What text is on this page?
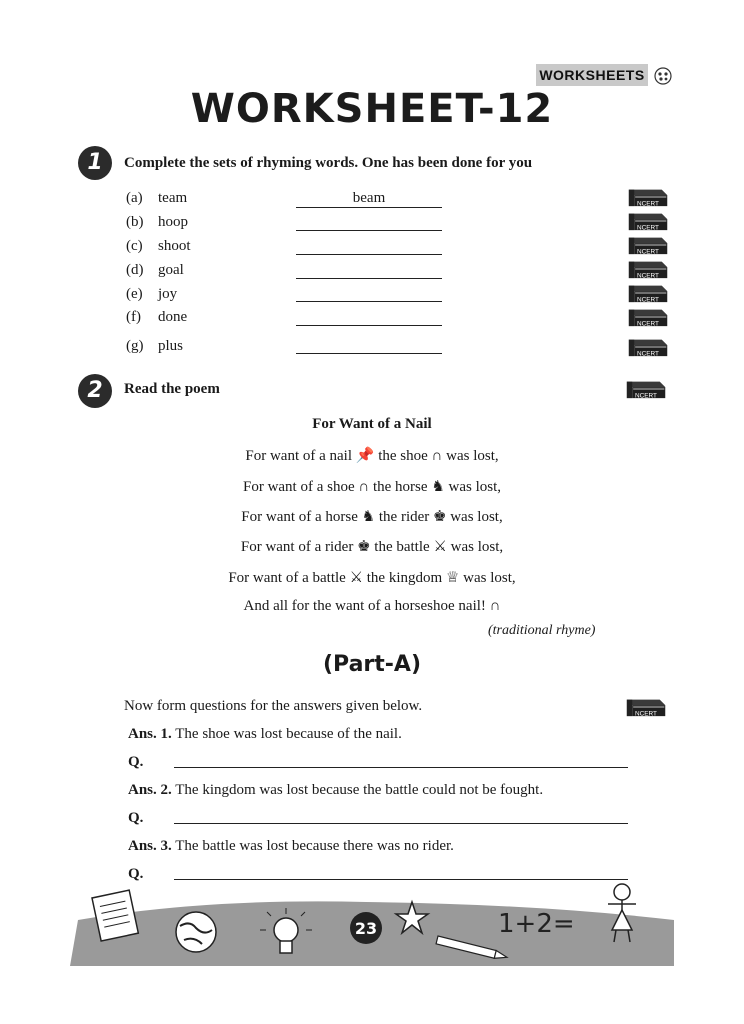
WORKSHEETS
WORKSHEET-12
1	Complete the sets of rhyming words. One has been done for you
(a) team	beam
(b) hoop
(c) shoot
(d) goal
(e) joy
(f) done
(g) plus
NCERT
NCERT
NCERT
NCERT
NCERT
NCERT
NCERT
NCERT
NCERT
2	Read the poem
For Want of a Nail
For want of a nail 📌 the shoe ∩ was lost,
For want of a shoe ∩ the horse ♞ was lost,
For want of a horse ♞ the rider ♚ was lost,
For want of a rider ♚ the battle ⚔ was lost,
For want of a battle ⚔ the kingdom ♕ was lost,
And all for the want of a horseshoe nail! ∩
(traditional rhyme)
(Part-A)
Now form questions for the answers given below.
Ans. 1. The shoe was lost because of the nail.
Q.
Ans. 2. The kingdom was lost because the battle could not be fought.
Q.
Ans. 3. The battle was lost because there was no rider.
Q.
23	1+2=
